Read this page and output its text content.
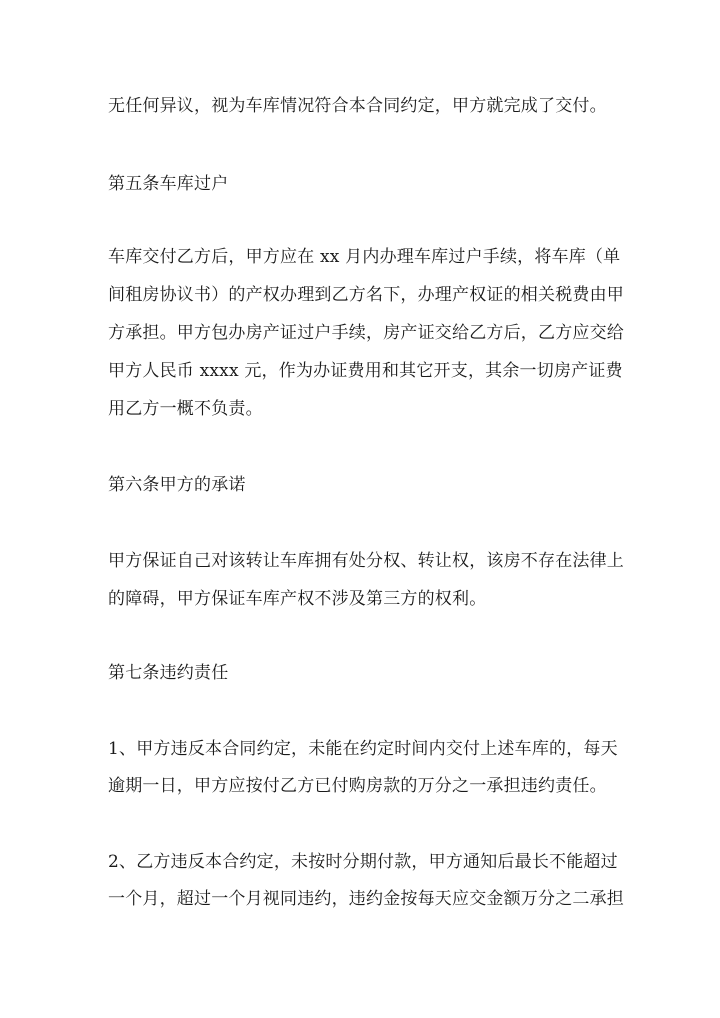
无任何异议，视为车库情况符合本合同约定，甲方就完成了交付。
第五条车库过户
车库交付乙方后，甲方应在 xx 月内办理车库过户手续，将车库（单
间租房协议书）的产权办理到乙方名下，办理产权证的相关税费由甲
方承担。甲方包办房产证过户手续，房产证交给乙方后，乙方应交给
甲方人民币 xxxx 元，作为办证费用和其它开支，其余一切房产证费
用乙方一概不负责。
第六条甲方的承诺
甲方保证自己对该转让车库拥有处分权、转让权，该房不存在法律上
的障碍，甲方保证车库产权不涉及第三方的权利。
第七条违约责任
1、甲方违反本合同约定，未能在约定时间内交付上述车库的，每天
逾期一日，甲方应按付乙方已付购房款的万分之一承担违约责任。
2、乙方违反本合约定，未按时分期付款，甲方通知后最长不能超过
一个月，超过一个月视同违约，违约金按每天应交金额万分之二承担
